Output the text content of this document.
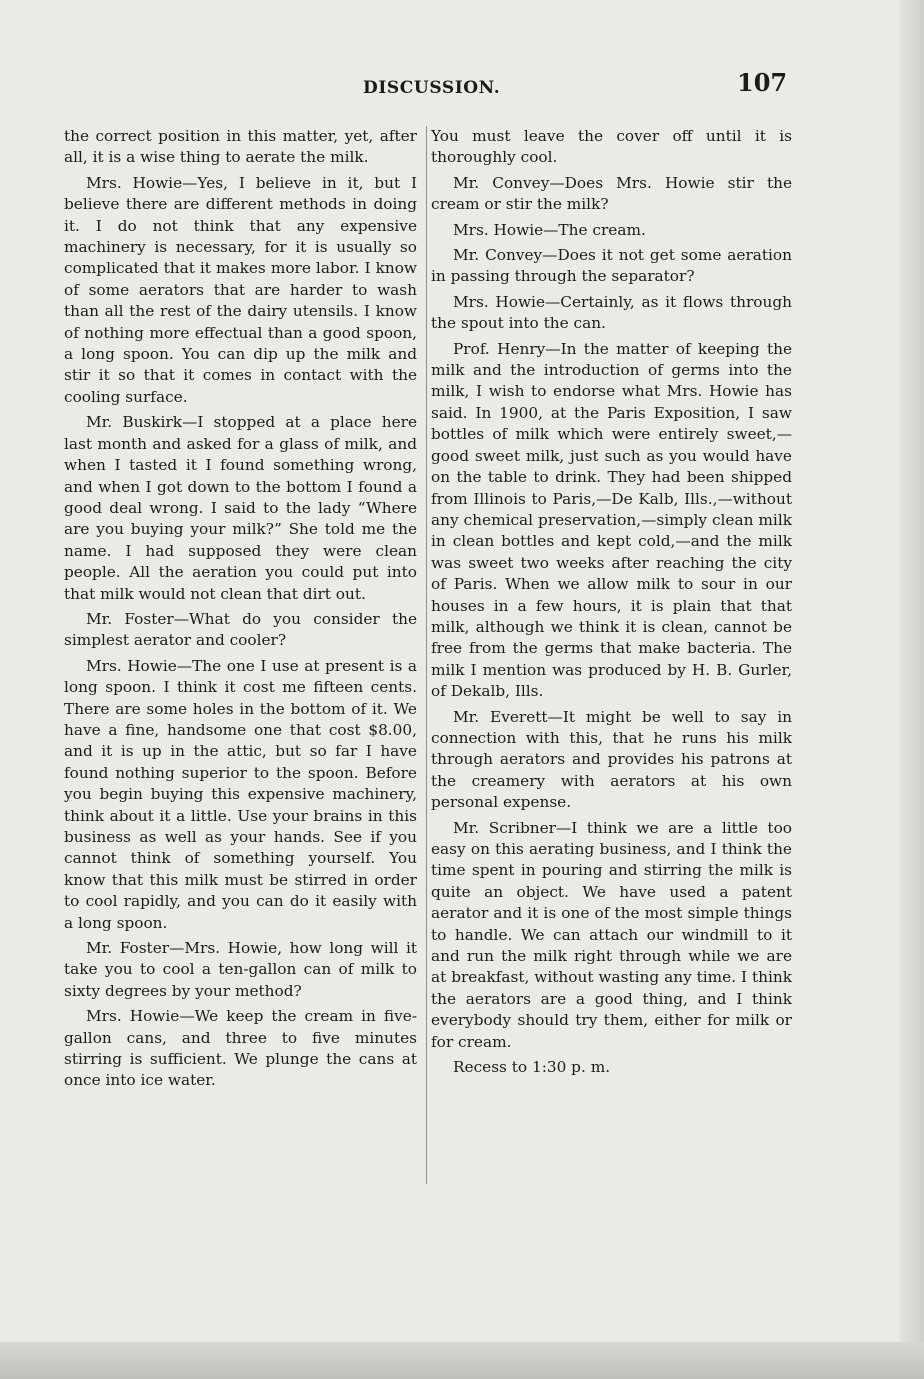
DISCUSSION.	107

the correct position in this matter, yet, after all, it is a wise thing to aerate the milk.

Mrs. Howie—Yes, I believe in it, but I believe there are different methods in doing it. I do not think that any expensive machinery is necessary, for it is usually so complicated that it makes more labor. I know of some aerators that are harder to wash than all the rest of the dairy utensils. I know of nothing more effectual than a good spoon, a long spoon. You can dip up the milk and stir it so that it comes in contact with the cooling surface.

Mr. Buskirk—I stopped at a place here last month and asked for a glass of milk, and when I tasted it I found something wrong, and when I got down to the bottom I found a good deal wrong. I said to the lady “Where are you buying your milk?” She told me the name. I had supposed they were clean people. All the aeration you could put into that milk would not clean that dirt out.

Mr. Foster—What do you consider the simplest aerator and cooler?

Mrs. Howie—The one I use at present is a long spoon. I think it cost me fifteen cents. There are some holes in the bottom of it. We have a fine, handsome one that cost $8.00, and it is up in the attic, but so far I have found nothing superior to the spoon. Before you begin buying this expensive machinery, think about it a little. Use your brains in this business as well as your hands. See if you cannot think of something yourself. You know that this milk must be stirred in order to cool rapidly, and you can do it easily with a long spoon.

Mr. Foster—Mrs. Howie, how long will it take you to cool a ten-gallon can of milk to sixty degrees by your method?

Mrs. Howie—We keep the cream in five-gallon cans, and three to five minutes stirring is sufficient. We plunge the cans at once into ice water.

You must leave the cover off until it is thoroughly cool.

Mr. Convey—Does Mrs. Howie stir the cream or stir the milk?

Mrs. Howie—The cream.

Mr. Convey—Does it not get some aeration in passing through the separator?

Mrs. Howie—Certainly, as it flows through the spout into the can.

Prof. Henry—In the matter of keeping the milk and the introduction of germs into the milk, I wish to endorse what Mrs. Howie has said. In 1900, at the Paris Exposition, I saw bottles of milk which were entirely sweet,—good sweet milk, just such as you would have on the table to drink. They had been shipped from Illinois to Paris,—De Kalb, Ills.,—without any chemical preservation,—simply clean milk in clean bottles and kept cold,—and the milk was sweet two weeks after reaching the city of Paris. When we allow milk to sour in our houses in a few hours, it is plain that that milk, although we think it is clean, cannot be free from the germs that make bacteria. The milk I mention was produced by H. B. Gurler, of Dekalb, Ills.

Mr. Everett—It might be well to say in connection with this, that he runs his milk through aerators and provides his patrons at the creamery with aerators at his own personal expense.

Mr. Scribner—I think we are a little too easy on this aerating business, and I think the time spent in pouring and stirring the milk is quite an object. We have used a patent aerator and it is one of the most simple things to handle. We can attach our windmill to it and run the milk right through while we are at breakfast, without wasting any time. I think the aerators are a good thing, and I think everybody should try them, either for milk or for cream.

Recess to 1:30 p. m.
